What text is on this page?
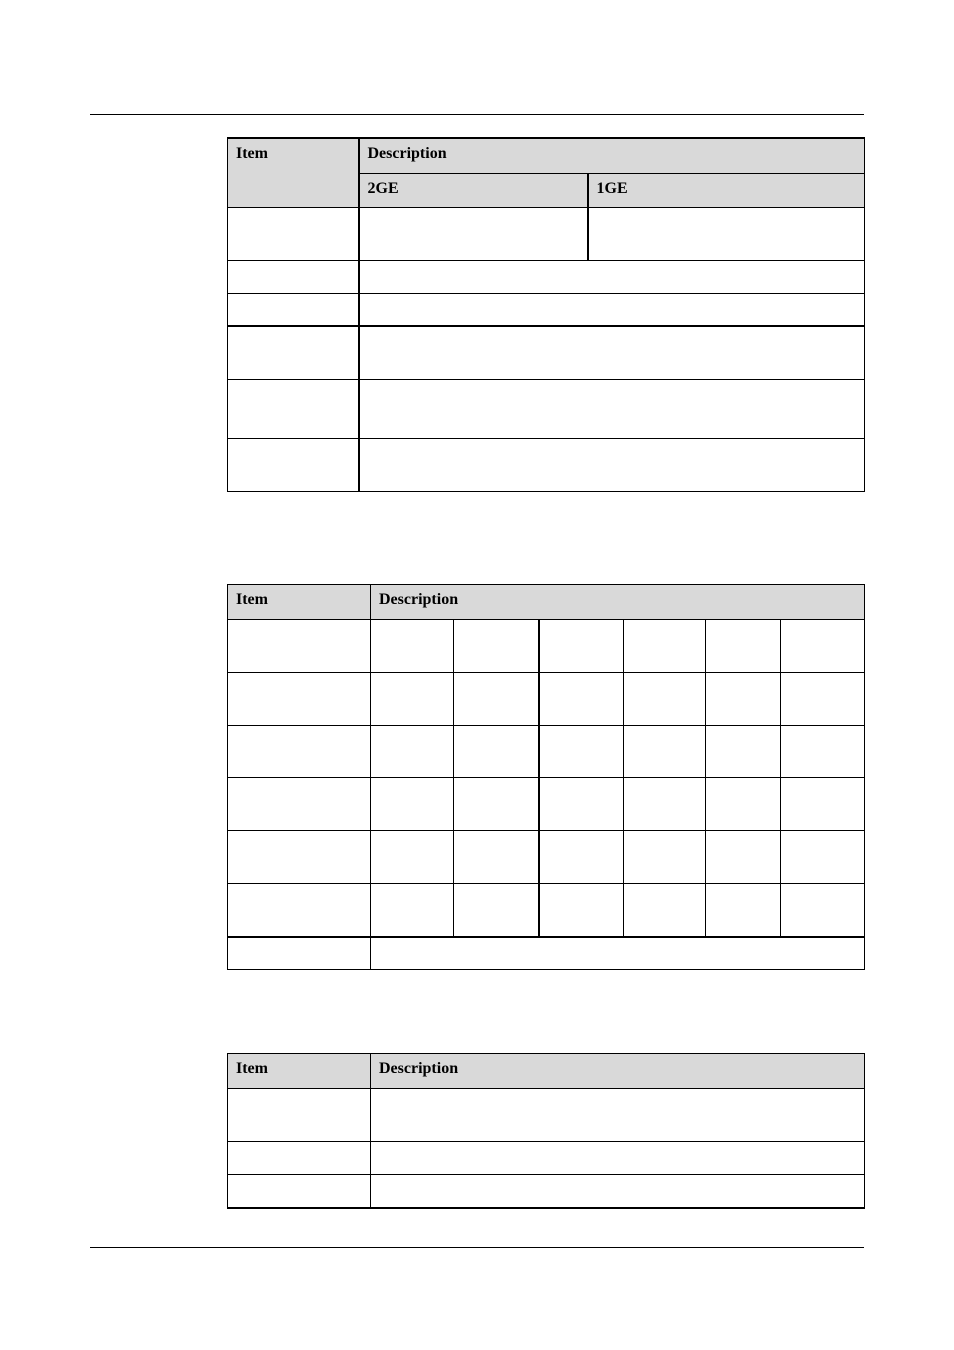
Item	Description	
	2GE	1GE

Item	Description					

Item	Description
